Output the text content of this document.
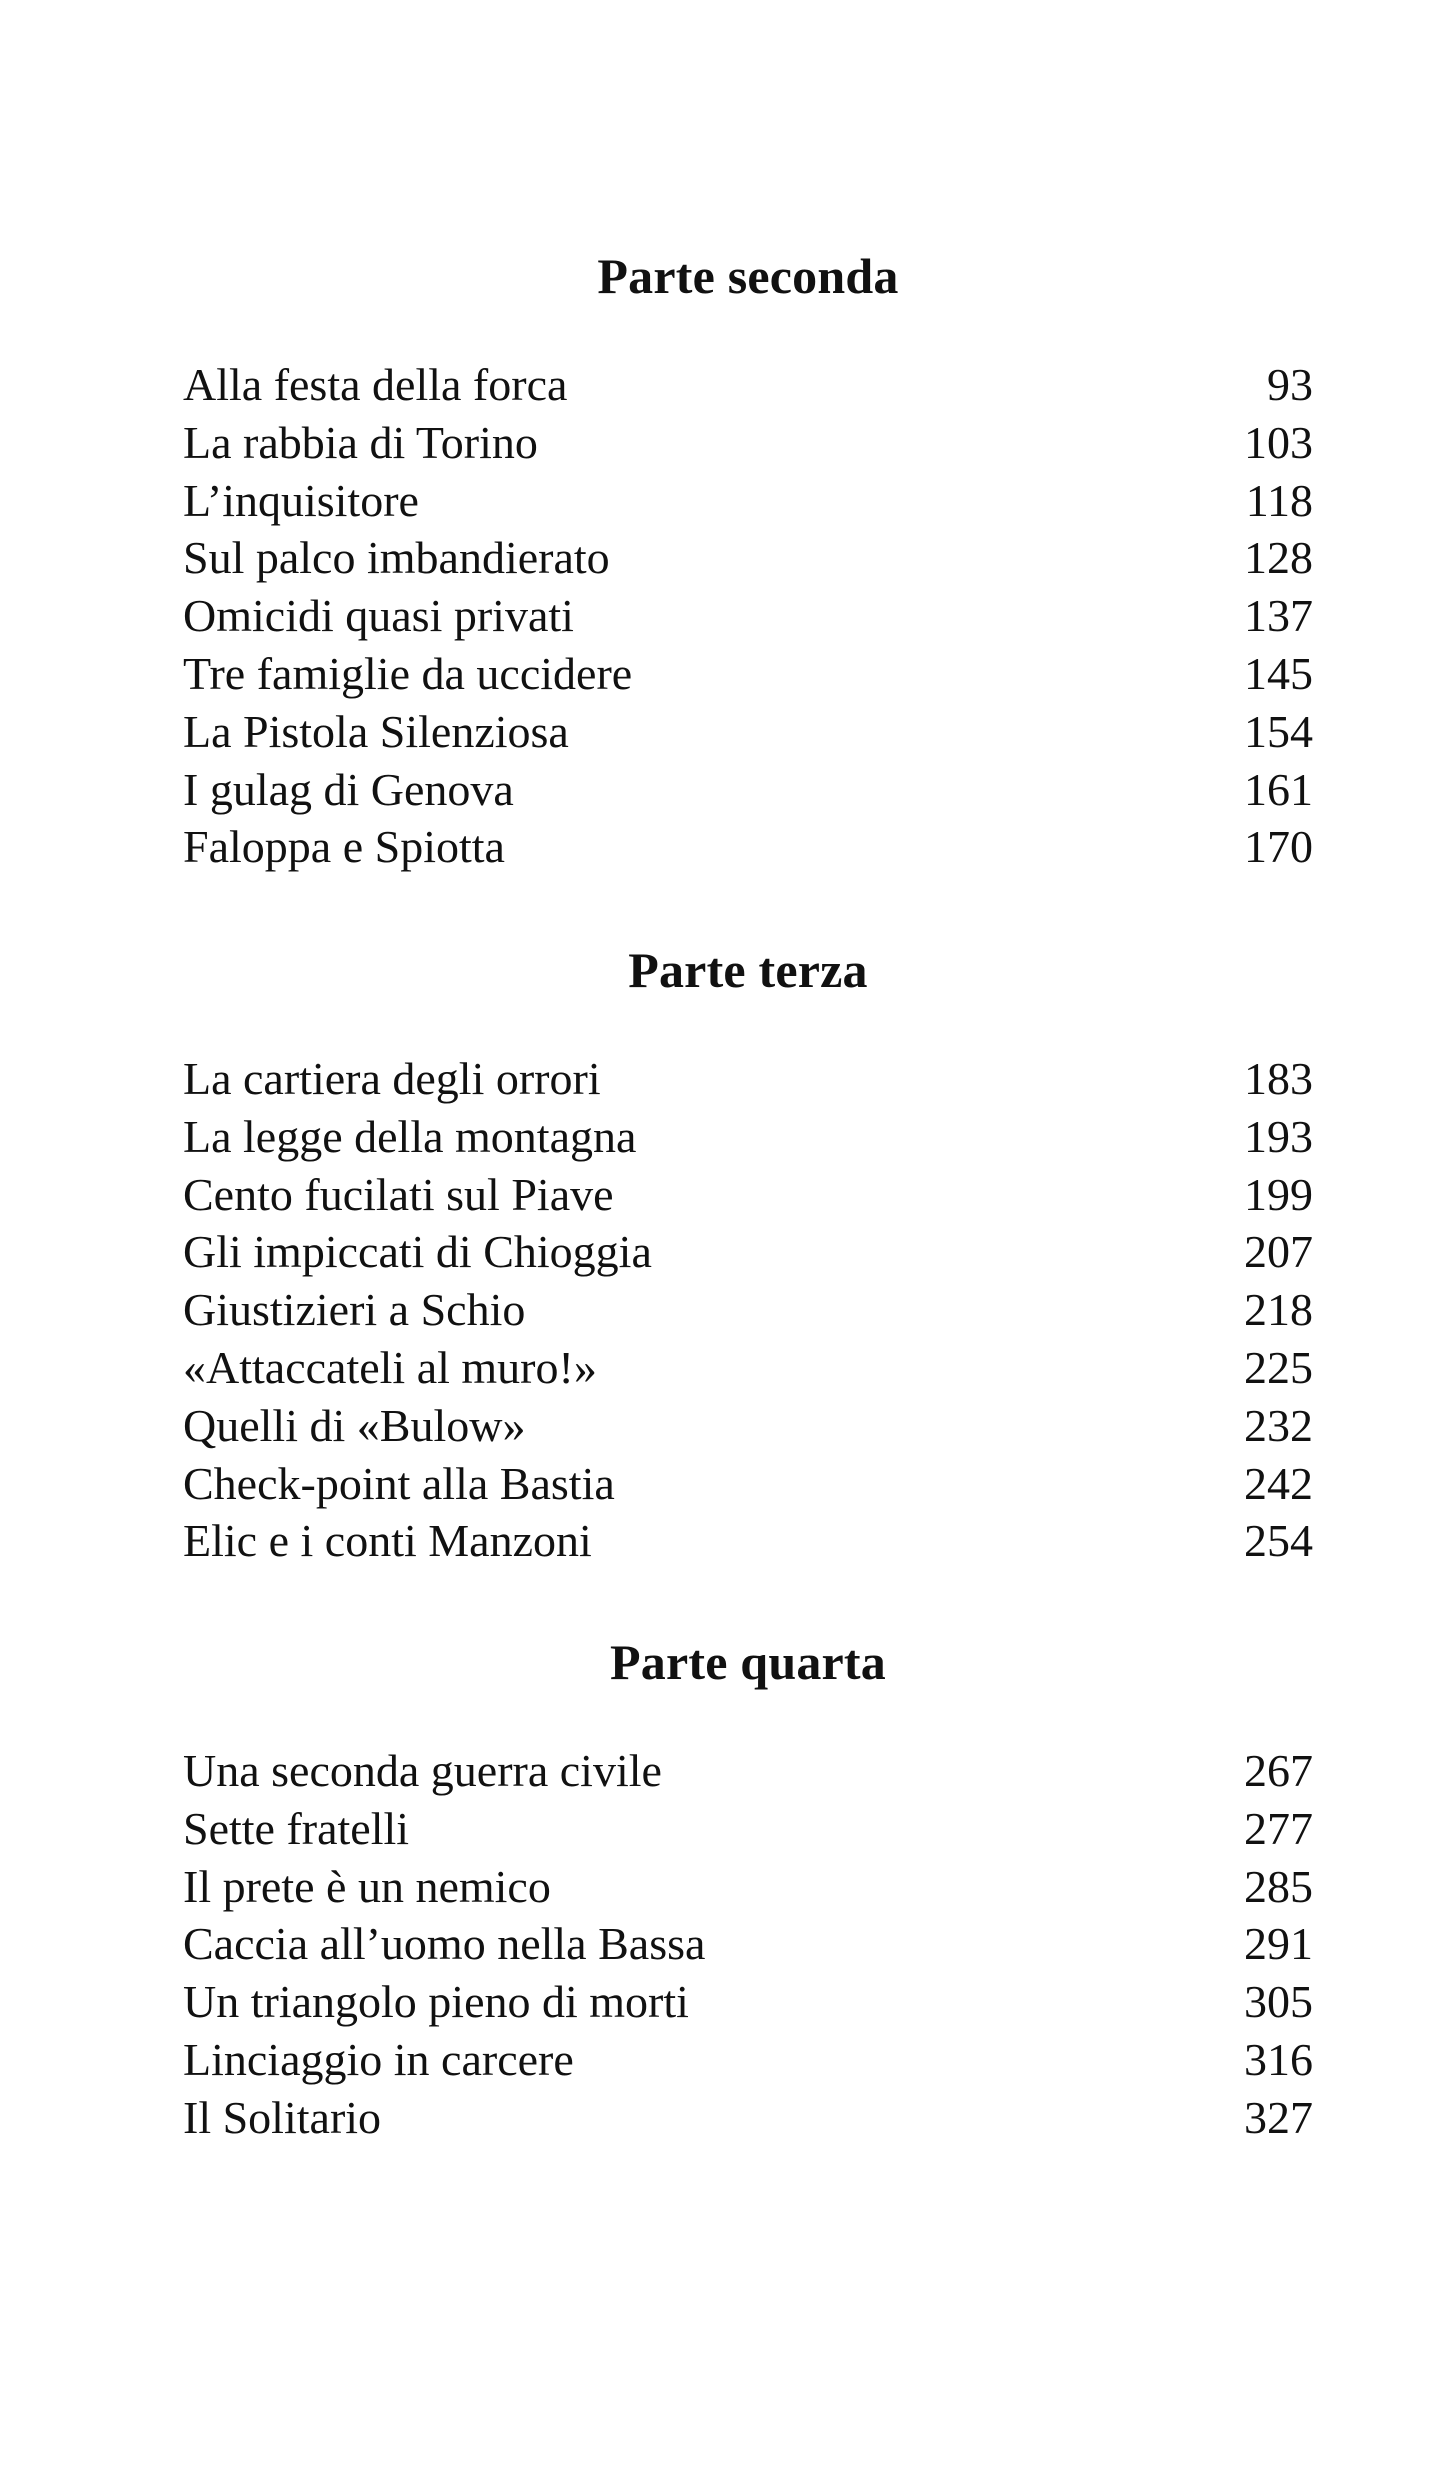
Parte seconda
Alla festa della forca	93
La rabbia di Torino	103
L’inquisitore	118
Sul palco imbandierato	128
Omicidi quasi privati	137
Tre famiglie da uccidere	145
La Pistola Silenziosa	154
I gulag di Genova	161
Faloppa e Spiotta	170
Parte terza
La cartiera degli orrori	183
La legge della montagna	193
Cento fucilati sul Piave	199
Gli impiccati di Chioggia	207
Giustizieri a Schio	218
«Attaccateli al muro!»	225
Quelli di «Bulow»	232
Check-point alla Bastia	242
Elic e i conti Manzoni	254
Parte quarta
Una seconda guerra civile	267
Sette fratelli	277
Il prete è un nemico	285
Caccia all’uomo nella Bassa	291
Un triangolo pieno di morti	305
Linciaggio in carcere	316
Il Solitario	327
